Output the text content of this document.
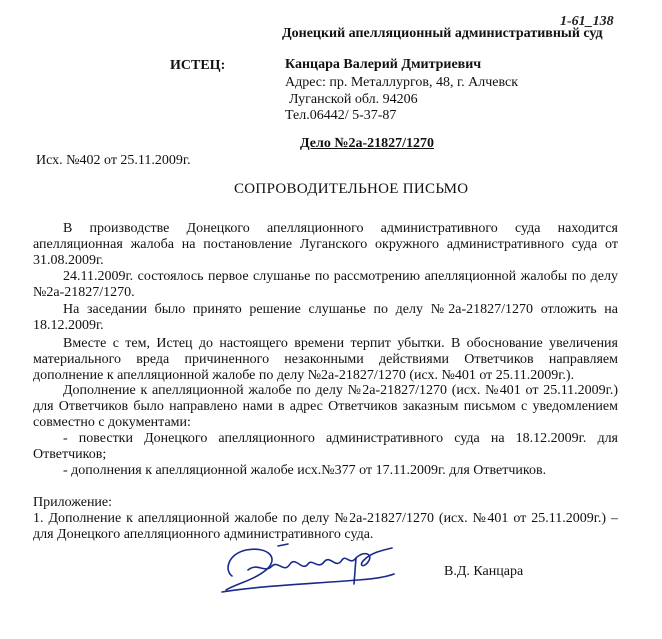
1-61_138
Донецкий апелляционный административный суд
ИСТЕЦ:	Канцара Валерий Дмитриевич
Адрес: пр. Металлургов, 48, г. Алчевск
Луганской обл. 94206
Тел.06442/ 5-37-87
Дело №2а-21827/1270
Исх. №402 от 25.11.2009г.
СОПРОВОДИТЕЛЬНОЕ ПИСЬМО
В производстве Донецкого апелляционного административного суда находится апелляционная жалоба на постановление Луганского окружного административного суда от 31.08.2009г.
24.11.2009г. состоялось первое слушанье по рассмотрению апелляционной жалобы по делу №2а-21827/1270.
На заседании было принято решение слушанье по делу №2а-21827/1270 отложить на 18.12.2009г.
Вместе с тем, Истец до настоящего времени терпит убытки. В обоснование увеличения материального вреда причиненного незаконными действиями Ответчиков направляем дополнение к апелляционной жалобе по делу №2а-21827/1270 (исх. №401 от 25.11.2009г.).
Дополнение к апелляционной жалобе по делу №2а-21827/1270 (исх. №401 от 25.11.2009г.) для Ответчиков было направлено нами в адрес Ответчиков заказным письмом с уведомлением совместно с документами:
- повестки Донецкого апелляционного административного суда на 18.12.2009г. для Ответчиков;
- дополнения к апелляционной жалобе исх.№377 от 17.11.2009г. для Ответчиков.
Приложение:
1. Дополнение к апелляционной жалобе по делу №2а-21827/1270 (исх. №401 от 25.11.2009г.) – для Донецкого апелляционного административного суда.
В.Д. Канцара
